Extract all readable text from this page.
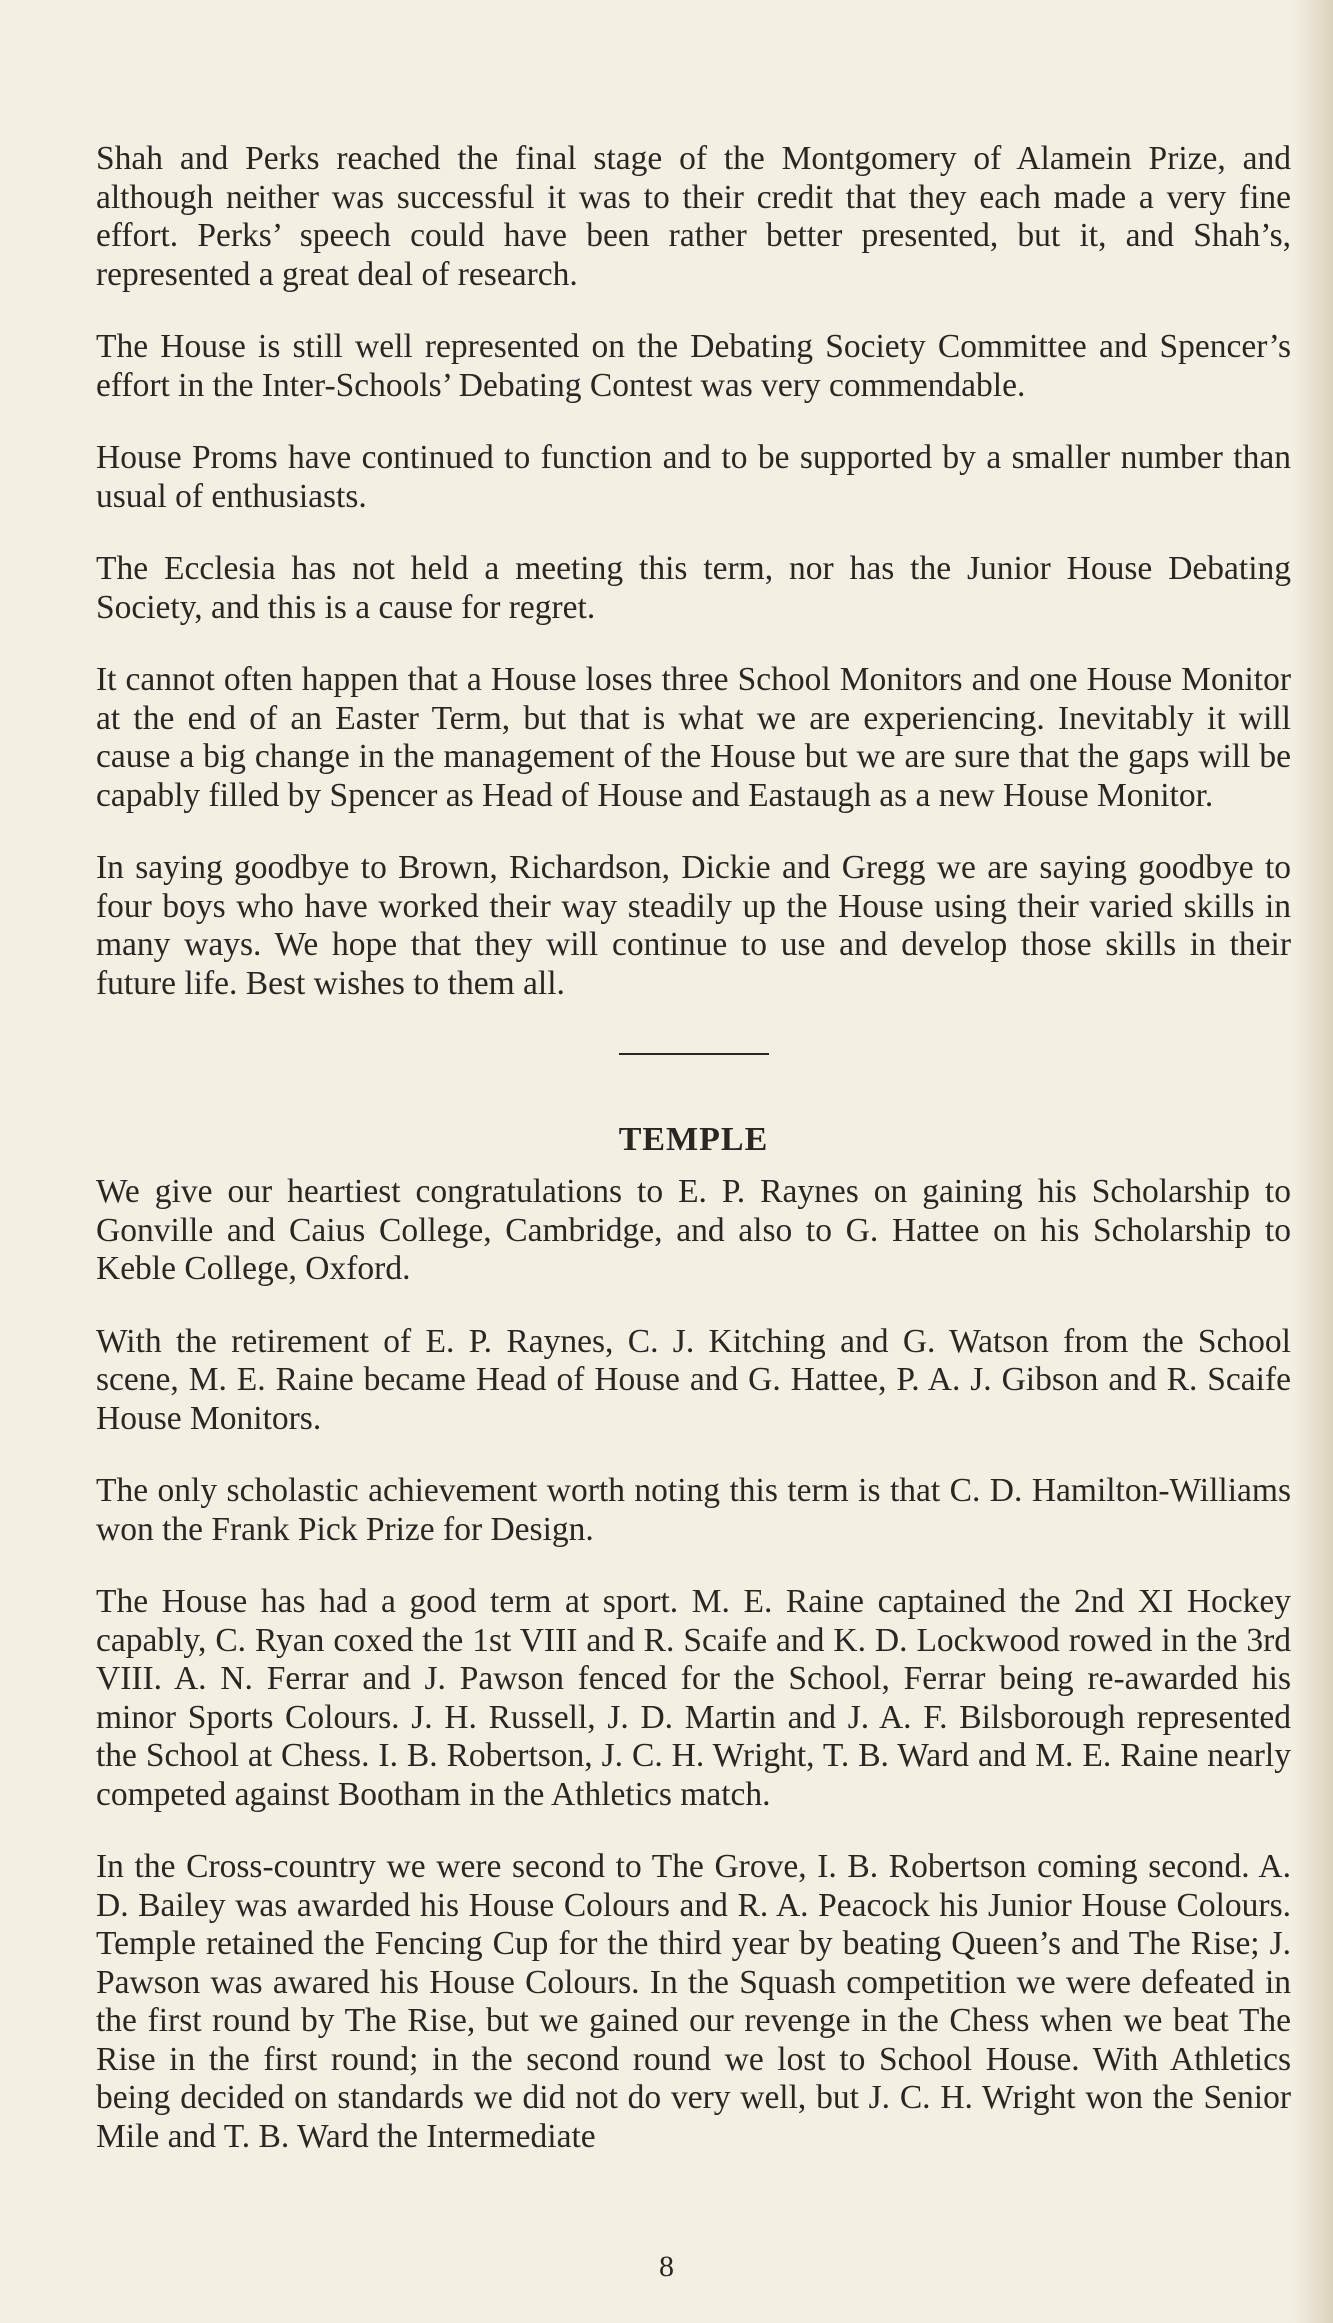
Shah and Perks reached the final stage of the Montgomery of Alamein Prize, and although neither was successful it was to their credit that they each made a very fine effort. Perks’ speech could have been rather better presented, but it, and Shah’s, represented a great deal of research.

The House is still well represented on the Debating Society Committee and Spencer’s effort in the Inter-Schools’ Debating Contest was very commendable.

House Proms have continued to function and to be supported by a smaller number than usual of enthusiasts.

The Ecclesia has not held a meeting this term, nor has the Junior House Debating Society, and this is a cause for regret.

It cannot often happen that a House loses three School Monitors and one House Monitor at the end of an Easter Term, but that is what we are experiencing. Inevitably it will cause a big change in the management of the House but we are sure that the gaps will be capably filled by Spencer as Head of House and Eastaugh as a new House Monitor.

In saying goodbye to Brown, Richardson, Dickie and Gregg we are saying goodbye to four boys who have worked their way steadily up the House using their varied skills in many ways. We hope that they will continue to use and develop those skills in their future life. Best wishes to them all.

TEMPLE

We give our heartiest congratulations to E. P. Raynes on gaining his Scholarship to Gonville and Caius College, Cambridge, and also to G. Hattee on his Scholarship to Keble College, Oxford.

With the retirement of E. P. Raynes, C. J. Kitching and G. Watson from the School scene, M. E. Raine became Head of House and G. Hattee, P. A. J. Gibson and R. Scaife House Monitors.

The only scholastic achievement worth noting this term is that C. D. Hamilton-Williams won the Frank Pick Prize for Design.

The House has had a good term at sport. M. E. Raine captained the 2nd XI Hockey capably, C. Ryan coxed the 1st VIII and R. Scaife and K. D. Lockwood rowed in the 3rd VIII. A. N. Ferrar and J. Pawson fenced for the School, Ferrar being re-awarded his minor Sports Colours. J. H. Russell, J. D. Martin and J. A. F. Bilsborough represented the School at Chess. I. B. Robertson, J. C. H. Wright, T. B. Ward and M. E. Raine nearly competed against Bootham in the Athletics match.

In the Cross-country we were second to The Grove, I. B. Robertson coming second. A. D. Bailey was awarded his House Colours and R. A. Peacock his Junior House Colours. Temple retained the Fencing Cup for the third year by beating Queen’s and The Rise; J. Pawson was awared his House Colours. In the Squash competition we were defeated in the first round by The Rise, but we gained our revenge in the Chess when we beat The Rise in the first round; in the second round we lost to School House. With Athletics being decided on standards we did not do very well, but J. C. H. Wright won the Senior Mile and T. B. Ward the Intermediate

8
